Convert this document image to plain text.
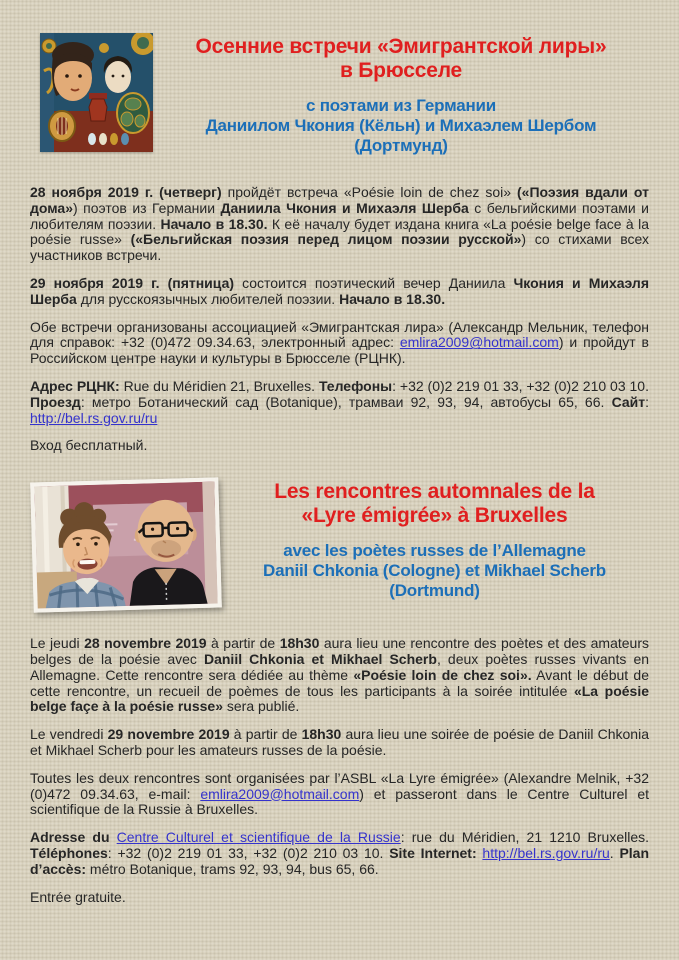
Осенние встречи «Эмигрантской лиры»
в Брюсселе
с поэтами из Германии
Даниилом Чкония (Кёльн) и Михаэлем Шербом
(Дортмунд)

28 ноября 2019 г. (четверг) пройдёт встреча «Poésie loin de chez soi» («Поэзия вдали от дома») поэтов из Германии Даниила Чкония и Михаэля Шерба с бельгийскими поэтами и любителям поэзии. Начало в 18.30. К её началу будет издана книга «La poésie belge face à la poésie russe» («Бельгийская поэзия перед лицом поэзии русской») со стихами всех участников встречи.

29 ноября 2019 г. (пятница) состоится поэтический вечер Даниила Чкония и Михаэля Шерба для русскоязычных любителей поэзии. Начало в 18.30.

Обе встречи организованы ассоциацией «Эмигрантская лира» (Александр Мельник, телефон для справок: +32 (0)472 09.34.63, электронный адрес: emlira2009@hotmail.com) и пройдут в Российском центре науки и культуры в Брюсселе (РЦНК).

Адрес РЦНК: Rue du Méridien 21, Bruxelles. Телефоны: +32 (0)2 219 01 33, +32 (0)2 210 03 10. Проезд: метро Ботанический сад (Botanique), трамваи 92, 93, 94, автобусы 65, 66. Сайт: http://bel.rs.gov.ru/ru

Вход бесплатный.

Les rencontres automnales de la
«Lyre émigrée» à Bruxelles
avec les poètes russes de l’Allemagne
Daniil Chkonia (Cologne) et Mikhael Scherb
(Dortmund)

Le jeudi 28 novembre 2019 à partir de 18h30 aura lieu une rencontre des poètes et des amateurs belges de la poésie avec Daniil Chkonia et Mikhael Scherb, deux poètes russes vivants en Allemagne. Cette rencontre sera dédiée au thème «Poésie loin de chez soi». Avant le début de cette rencontre, un recueil de poèmes de tous les participants à la soirée intitulée «La poésie belge façe à la poésie russe» sera publié.

Le vendredi 29 novembre 2019 à partir de 18h30 aura lieu une soirée de poésie de Daniil Chkonia et Mikhael Scherb pour les amateurs russes de la poésie.

Toutes les deux rencontres sont organisées par l’ASBL «La Lyre émigrée» (Alexandre Melnik, +32 (0)472 09.34.63, e-mail: emlira2009@hotmail.com) et passeront dans le Centre Culturel et scientifique de la Russie à Bruxelles.

Adresse du Centre Culturel et scientifique de la Russie: rue du Méridien, 21 1210 Bruxelles. Téléphones: +32 (0)2 219 01 33, +32 (0)2 210 03 10. Site Internet: http://bel.rs.gov.ru/ru. Plan d’accès: métro Botanique, trams 92, 93, 94, bus 65, 66.

Entrée gratuite.
